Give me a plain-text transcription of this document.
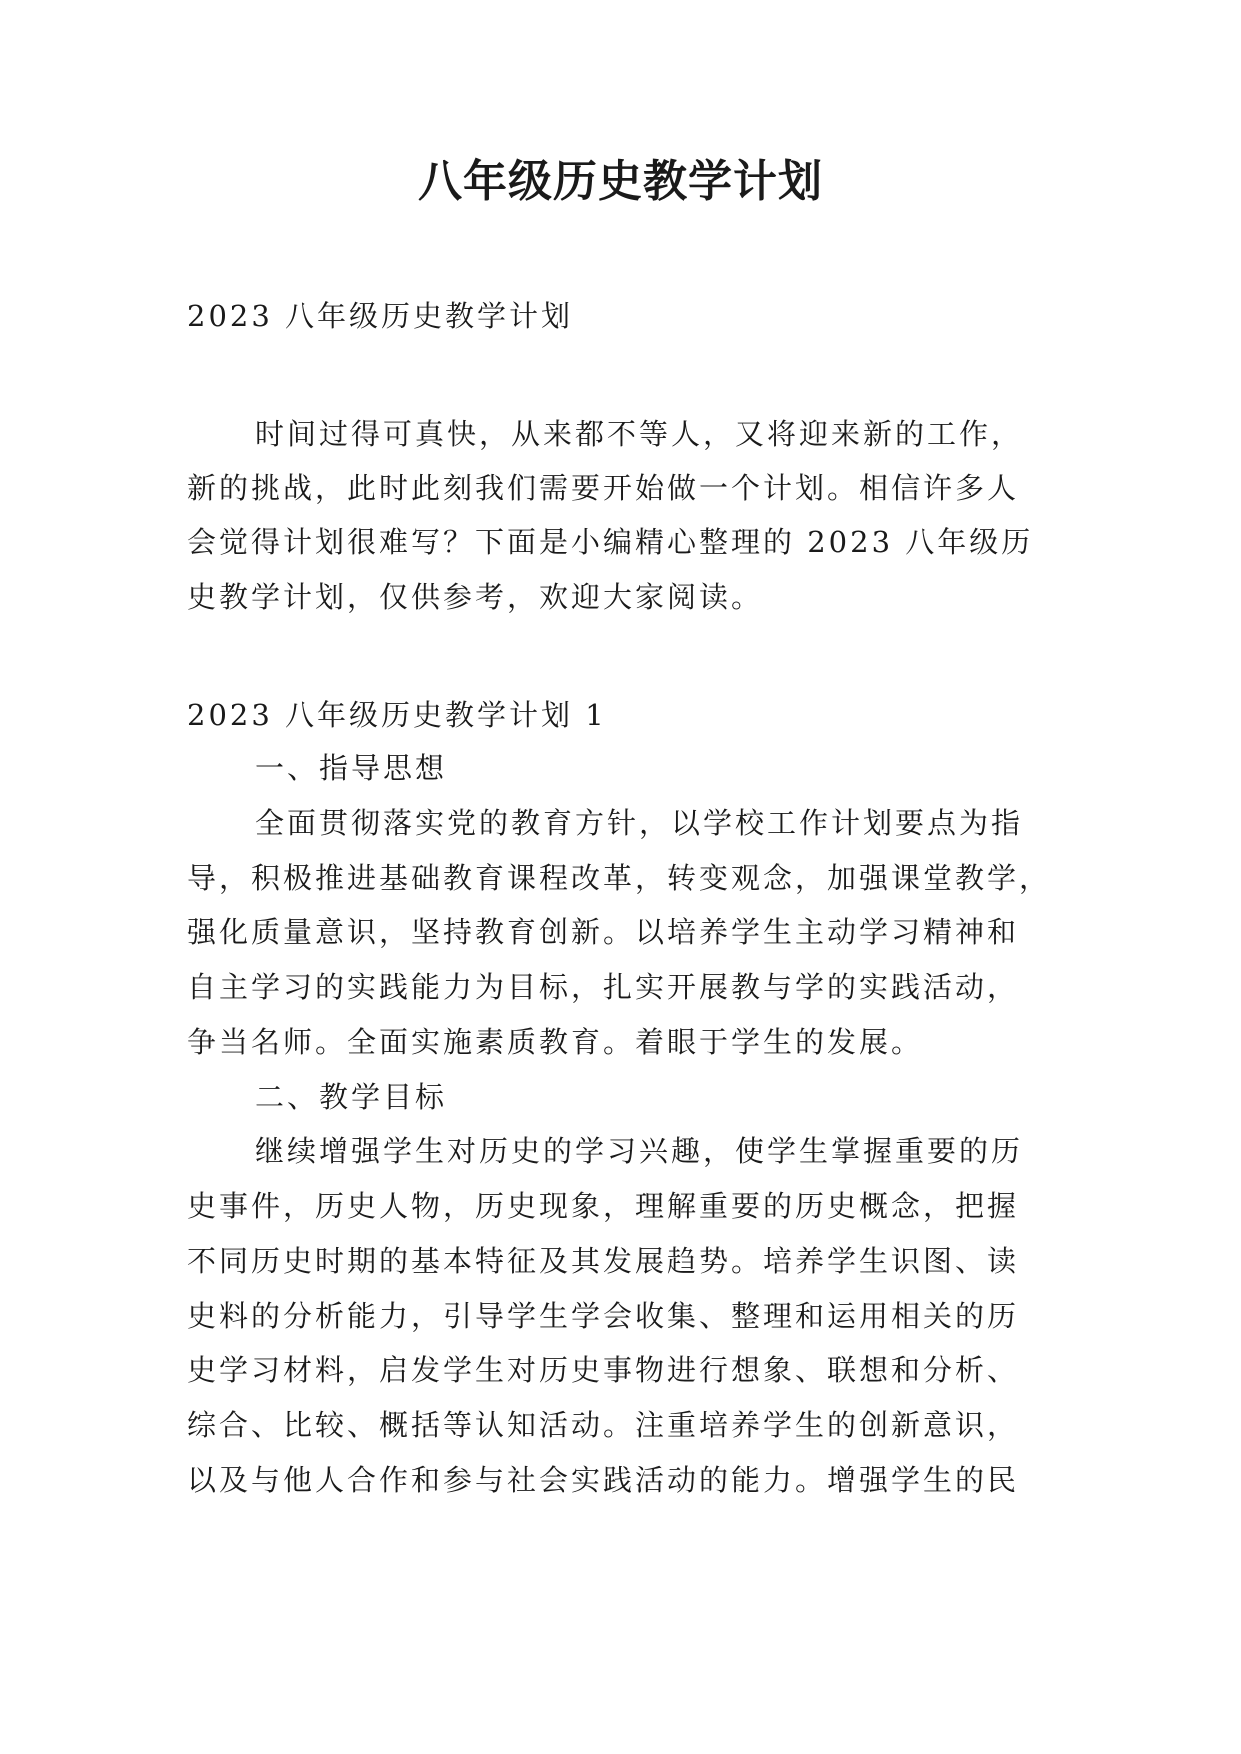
八年级历史教学计划
2023 八年级历史教学计划
时间过得可真快，从来都不等人，又将迎来新的工作，
新的挑战，此时此刻我们需要开始做一个计划。相信许多人
会觉得计划很难写？下面是小编精心整理的 2023 八年级历
史教学计划，仅供参考，欢迎大家阅读。
2023 八年级历史教学计划 1
一、指导思想
全面贯彻落实党的教育方针，以学校工作计划要点为指
导，积极推进基础教育课程改革，转变观念，加强课堂教学，
强化质量意识，坚持教育创新。以培养学生主动学习精神和
自主学习的实践能力为目标，扎实开展教与学的实践活动，
争当名师。全面实施素质教育。着眼于学生的发展。
二、教学目标
继续增强学生对历史的学习兴趣，使学生掌握重要的历
史事件，历史人物，历史现象，理解重要的历史概念，把握
不同历史时期的基本特征及其发展趋势。培养学生识图、读
史料的分析能力，引导学生学会收集、整理和运用相关的历
史学习材料，启发学生对历史事物进行想象、联想和分析、
综合、比较、概括等认知活动。注重培养学生的创新意识，
以及与他人合作和参与社会实践活动的能力。增强学生的民
